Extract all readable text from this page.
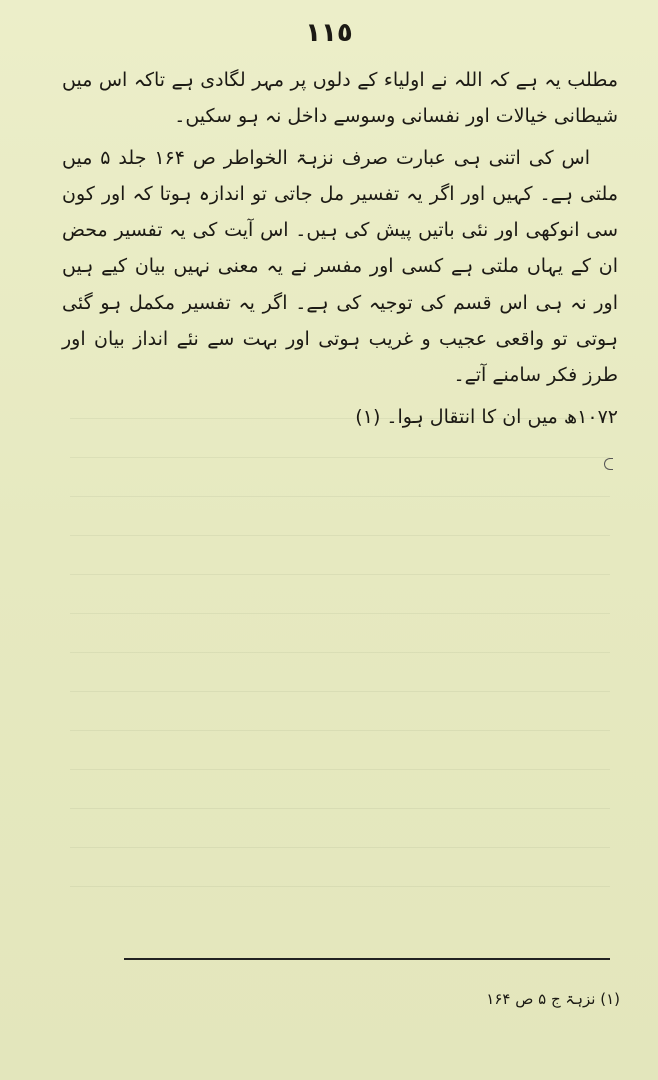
١١٥

مطلب یہ ہے کہ اللہ نے اولیاء کے دلوں پر مہر لگادی ہے تاکہ اس میں شیطانی خیالات اور نفسانی وسوسے داخل نہ ہو سکیں۔

اس کی اتنی ہی عبارت صرف نزہۃ الخواطر ص ۱۶۴ جلد ۵ میں ملتی ہے۔ کہیں اور اگر یہ تفسیر مل جاتی تو اندازہ ہوتا کہ اور کون سی انوکھی اور نئی باتیں پیش کی ہیں۔ اس آیت کی یہ تفسیر محض ان کے یہاں ملتی ہے کسی اور مفسر نے یہ معنی نہیں بیان کیے ہیں اور نہ ہی اس قسم کی توجیہ کی ہے۔ اگر یہ تفسیر مکمل ہو گئی ہوتی تو واقعی عجیب و غریب ہوتی اور بہت سے نئے انداز بیان اور طرز فکر سامنے آتے۔

۱۰۷۲ھ میں ان کا انتقال ہوا۔ (۱)

(۱) نزہۃ ج ۵ ص ۱۶۴
